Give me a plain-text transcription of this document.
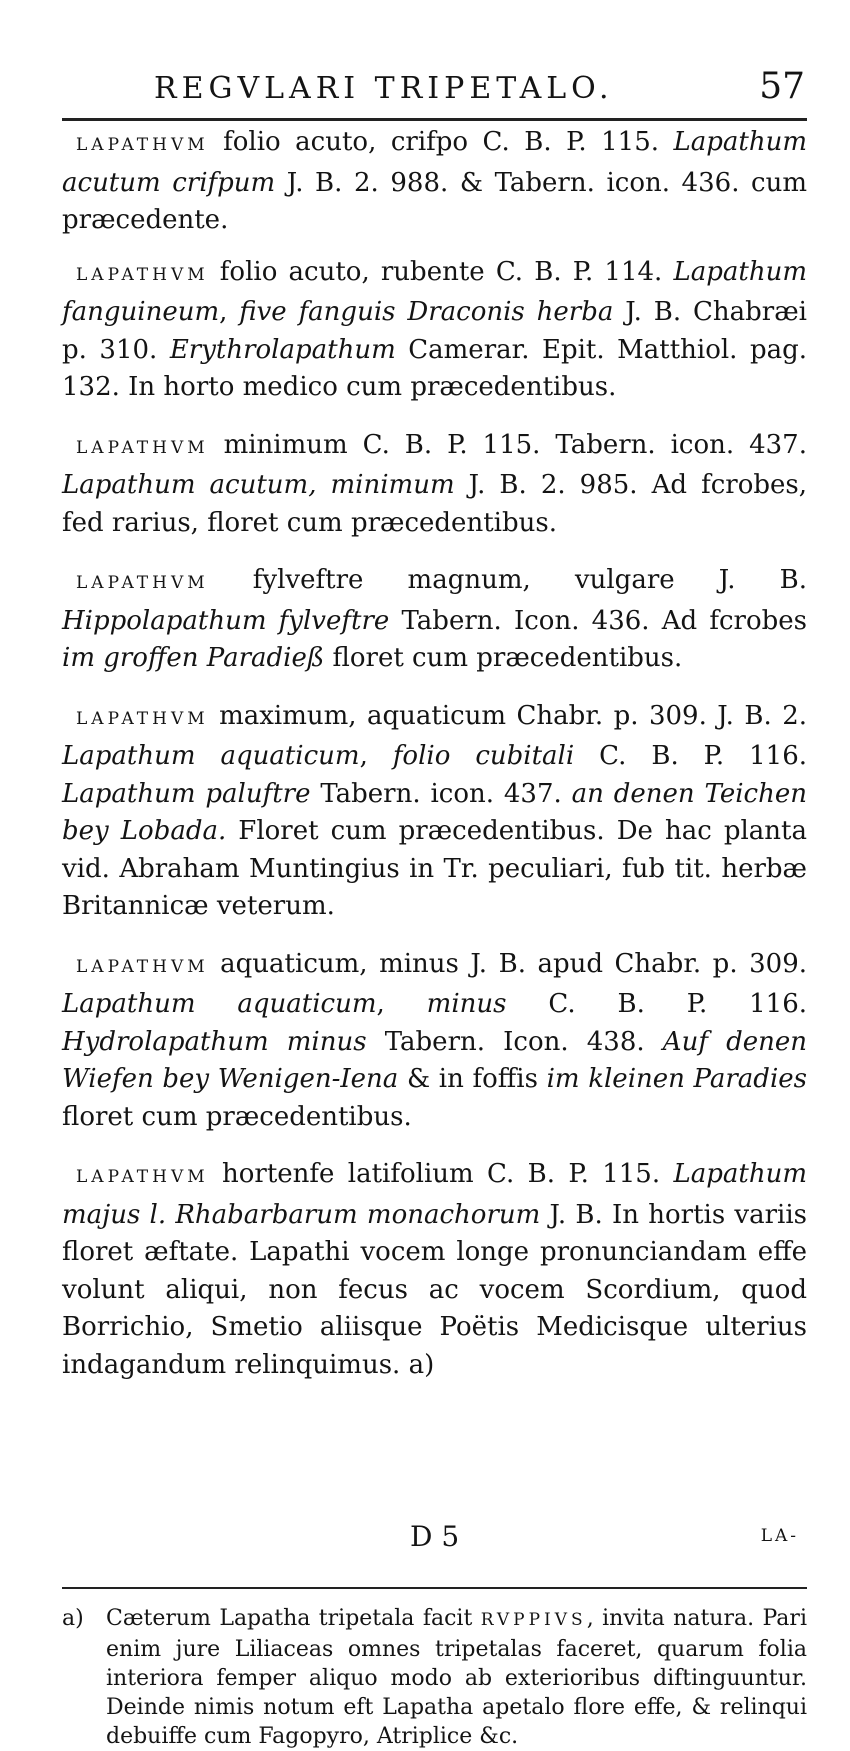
REGVLARI TRIPETALO.	57

LAPATHVM folio acuto, crifpo C. B. P. 115. Lapathum acutum crifpum J. B. 2. 988. & Tabern. icon. 436. cum præcedente.

LAPATHVM folio acuto, rubente C. B. P. 114. Lapathum fanguineum, five fanguis Draconis herba J. B. Chabræi p. 310. Erythrolapathum Camerar. Epit. Matthiol. pag. 132. In horto medico cum præcedentibus.

LAPATHVM minimum C. B. P. 115. Tabern. icon. 437. Lapathum acutum, minimum J. B. 2. 985. Ad fcrobes, fed rarius, floret cum præcedentibus.

LAPATHVM fylveftre magnum, vulgare J. B. Hippolapathum fylveftre Tabern. Icon. 436. Ad fcrobes im groffen Paradieß floret cum præcedentibus.

LAPATHVM maximum, aquaticum Chabr. p. 309. J. B. 2. Lapathum aquaticum, folio cubitali C. B. P. 116. Lapathum paluftre Tabern. icon. 437. an denen Teichen bey Lobada. Floret cum præcedentibus. De hac planta vid. Abraham Muntingius in Tr. peculiari, fub tit. herbæ Britannicæ veterum.

LAPATHVM aquaticum, minus J. B. apud Chabr. p. 309. Lapathum aquaticum, minus C. B. P. 116. Hydrolapathum minus Tabern. Icon. 438. Auf denen Wiefen bey Wenigen-Iena & in foffis im kleinen Paradies floret cum præcedentibus.

LAPATHVM hortenfe latifolium C. B. P. 115. Lapathum majus l. Rhabarbarum monachorum J. B. In hortis variis floret æftate. Lapathi vocem longe pronunciandam effe volunt aliqui, non fecus ac vocem Scordium, quod Borrichio, Smetio aliisque Poëtis Medicisque ulterius indagandum relinquimus. a)

D 5	LA-
a) Cæterum Lapatha tripetala facit RVPPIVS, invita natura. Pari enim jure Liliaceas omnes tripetalas faceret, quarum folia interiora femper aliquo modo ab exterioribus diftinguuntur. Deinde nimis notum eft Lapatha apetalo flore effe, & relinqui debuiffe cum Fagopyro, Atriplice &c.
